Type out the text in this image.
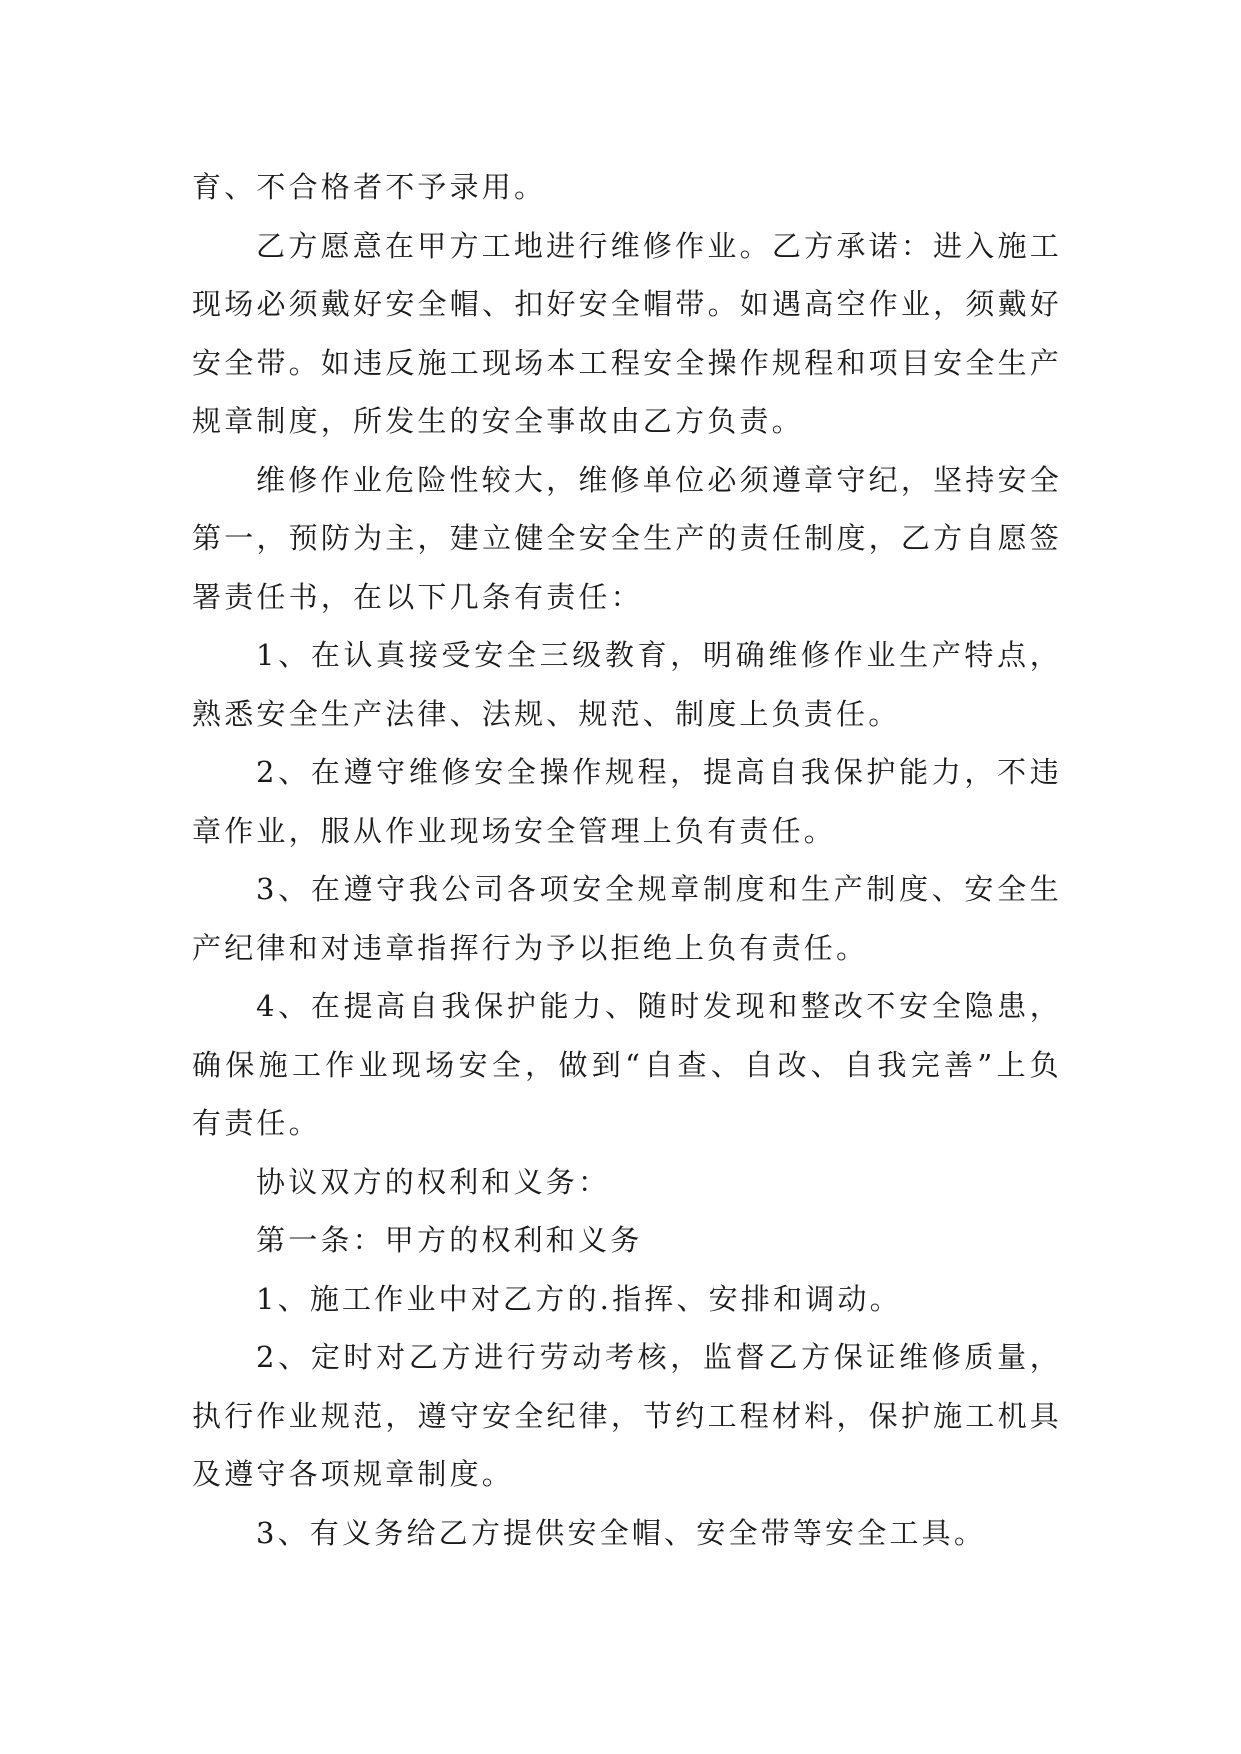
育、不合格者不予录用。

乙方愿意在甲方工地进行维修作业。乙方承诺：进入施工现场必须戴好安全帽、扣好安全帽带。如遇高空作业，须戴好安全带。如违反施工现场本工程安全操作规程和项目安全生产规章制度，所发生的安全事故由乙方负责。

维修作业危险性较大，维修单位必须遵章守纪，坚持安全第一，预防为主，建立健全安全生产的责任制度，乙方自愿签署责任书，在以下几条有责任：

1、在认真接受安全三级教育，明确维修作业生产特点，熟悉安全生产法律、法规、规范、制度上负责任。

2、在遵守维修安全操作规程，提高自我保护能力，不违章作业，服从作业现场安全管理上负有责任。

3、在遵守我公司各项安全规章制度和生产制度、安全生产纪律和对违章指挥行为予以拒绝上负有责任。

4、在提高自我保护能力、随时发现和整改不安全隐患，确保施工作业现场安全，做到“自查、自改、自我完善”上负有责任。

协议双方的权利和义务：

第一条：甲方的权利和义务

1、施工作业中对乙方的.指挥、安排和调动。

2、定时对乙方进行劳动考核，监督乙方保证维修质量，执行作业规范，遵守安全纪律，节约工程材料，保护施工机具及遵守各项规章制度。

3、有义务给乙方提供安全帽、安全带等安全工具。
